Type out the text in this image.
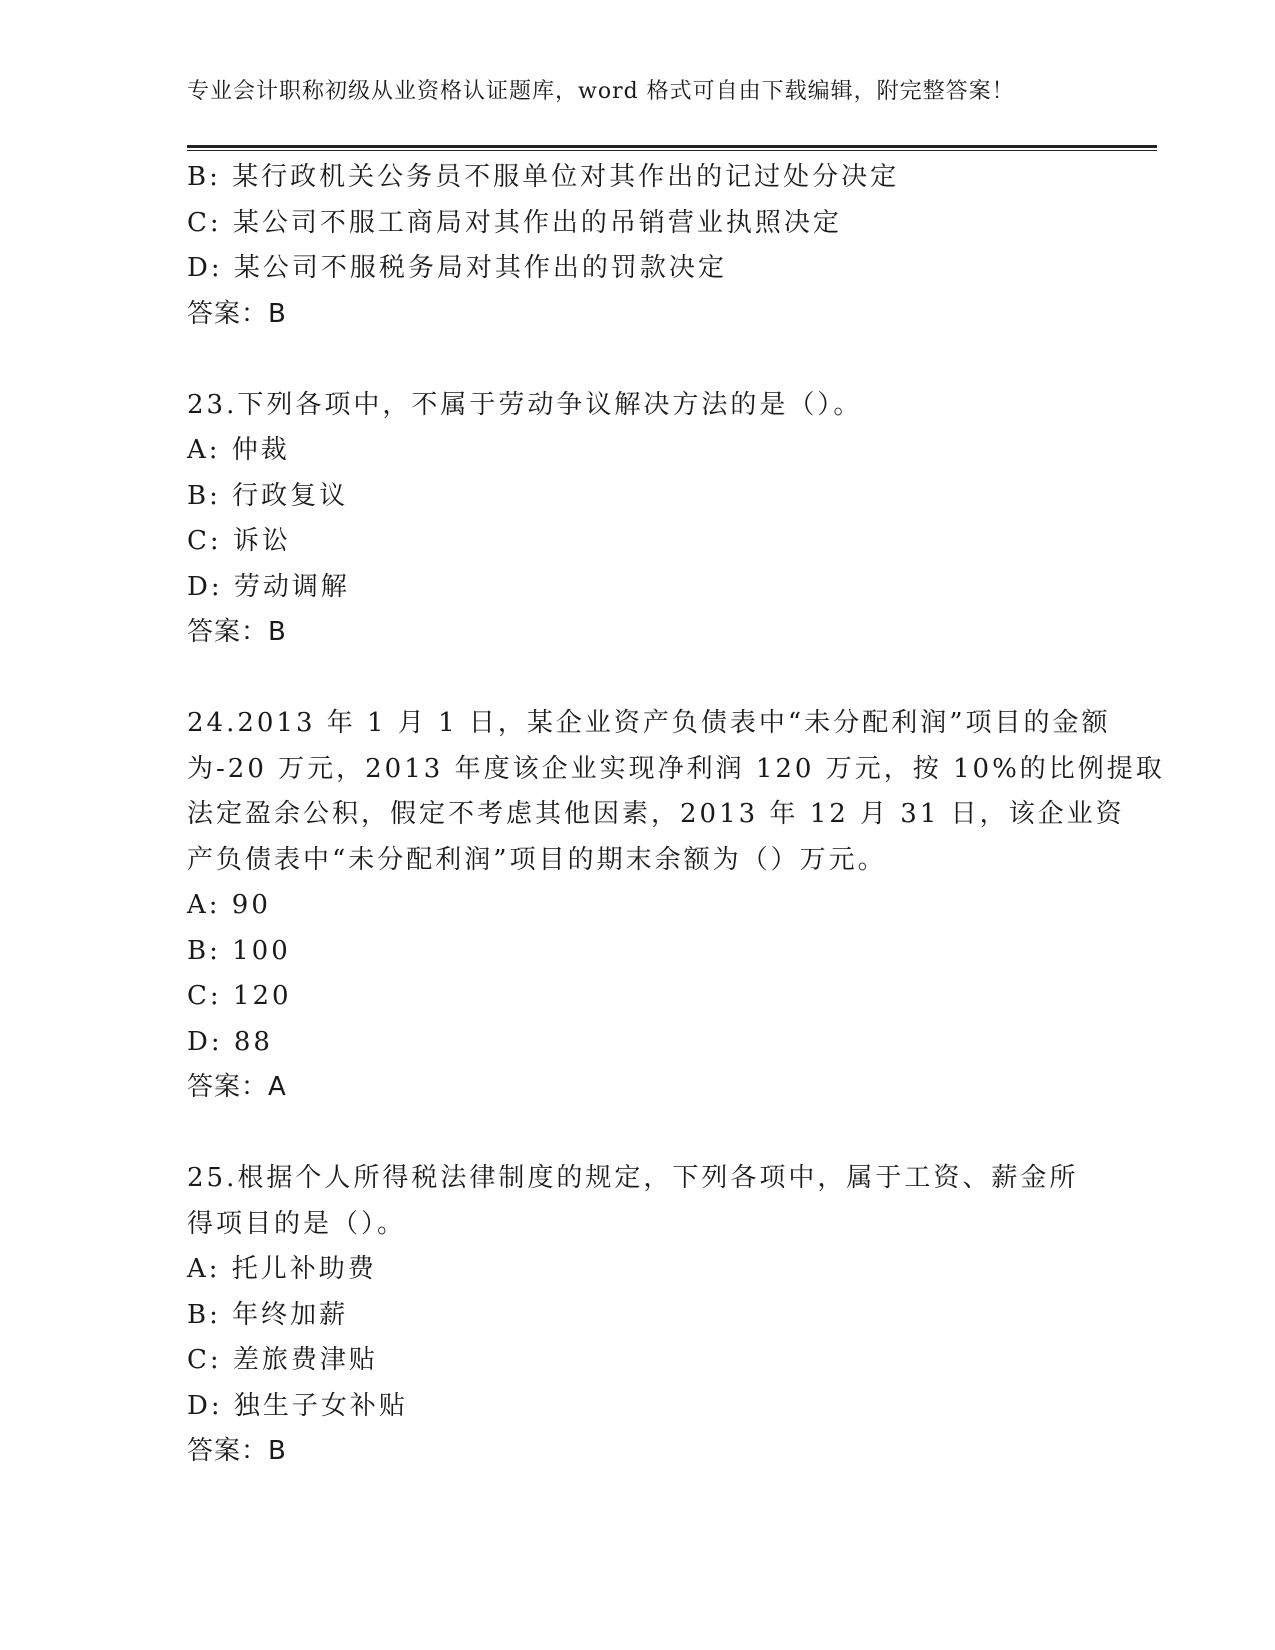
专业会计职称初级从业资格认证题库，word 格式可自由下载编辑，附完整答案！
B: 某行政机关公务员不服单位对其作出的记过处分决定
C: 某公司不服工商局对其作出的吊销营业执照决定
D: 某公司不服税务局对其作出的罚款决定
答案：B
23.下列各项中，不属于劳动争议解决方法的是（）。
A: 仲裁
B: 行政复议
C: 诉讼
D: 劳动调解
答案：B
24.2013 年 1 月 1 日，某企业资产负债表中“未分配利润”项目的金额
为-20 万元，2013 年度该企业实现净利润 120 万元，按 10%的比例提取
法定盈余公积，假定不考虑其他因素，2013 年 12 月 31 日，该企业资
产负债表中“未分配利润”项目的期末余额为（）万元。
A: 90
B: 100
C: 120
D: 88
答案：A
25.根据个人所得税法律制度的规定，下列各项中，属于工资、薪金所
得项目的是（）。
A: 托儿补助费
B: 年终加薪
C: 差旅费津贴
D: 独生子女补贴
答案：B
